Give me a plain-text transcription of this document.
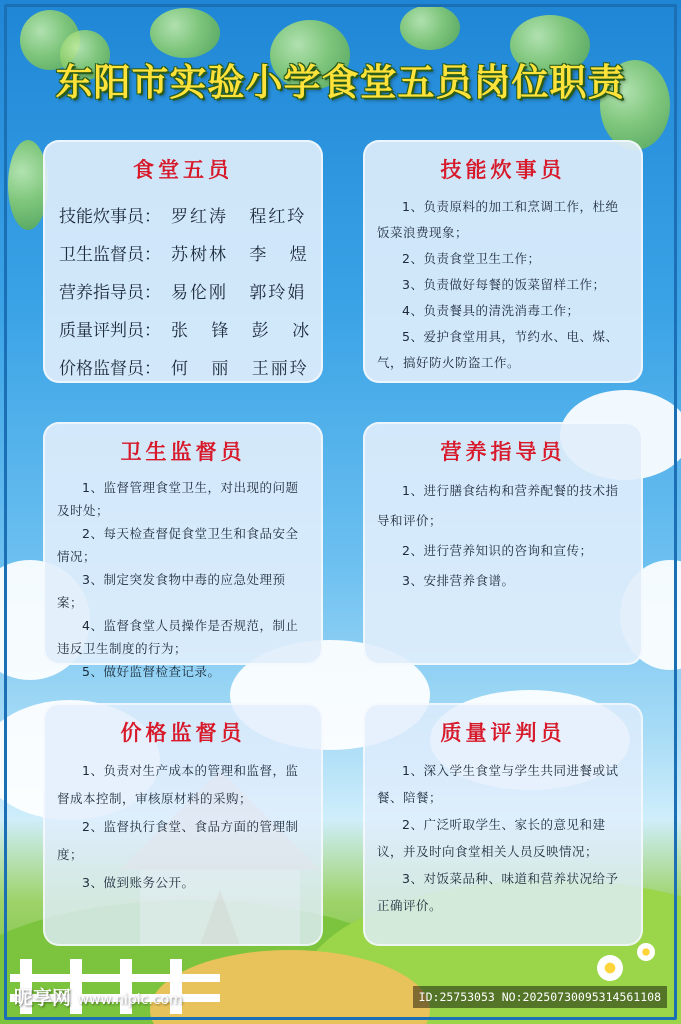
东阳市实验小学食堂五员岗位职责
食堂五员
技能炊事员： 罗红涛 程红玲
卫生监督员： 苏树林 李 煜
营养指导员： 易伦刚 郭玲娟
质量评判员： 张 锋 彭 冰
价格监督员： 何 丽 王丽玲
技能炊事员

1、负责原料的加工和烹调工作，杜绝饭菜浪费现象；

2、负责食堂卫生工作；

3、负责做好每餐的饭菜留样工作；

4、负责餐具的清洗消毒工作；

5、爱护食堂用具，节约水、电、煤、气，搞好防火防盗工作。

卫生监督员

1、监督管理食堂卫生，对出现的问题及时处；

2、每天检查督促食堂卫生和食品安全情况；

3、制定突发食物中毒的应急处理预案；

4、监督食堂人员操作是否规范，制止违反卫生制度的行为；

5、做好监督检查记录。

营养指导员

1、进行膳食结构和营养配餐的技术指导和评价；

2、进行营养知识的咨询和宣传；

3、安排营养食谱。

价格监督员

1、负责对生产成本的管理和监督，监督成本控制，审核原材料的采购；

2、监督执行食堂、食品方面的管理制度；

3、做到账务公开。

质量评判员

1、深入学生食堂与学生共同进餐或试餐、陪餐；

2、广泛听取学生、家长的意见和建议，并及时向食堂相关人员反映情况；

3、对饭菜品种、味道和营养状况给予正确评价。

昵享网 www.nipic.com	ID:25753053 NO:20250730095314561108
